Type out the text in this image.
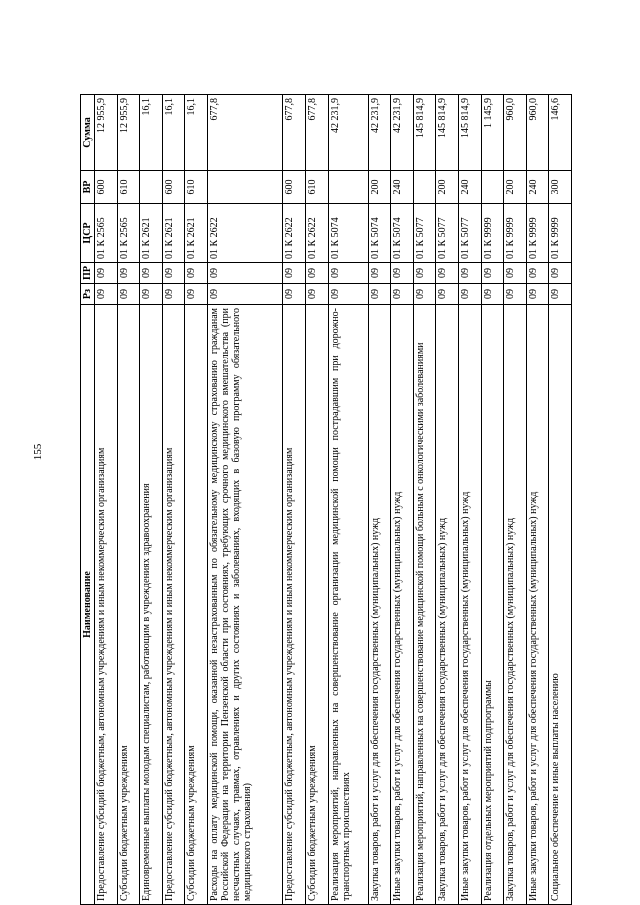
155
Наименование	Рз	ПР	ЦСР	ВР	Сумма
Предоставление субсидий бюджетным, автономным учреждениям и иным некоммерческим организациям	09	09	01 К 2565	600	12 955,9
Субсидии бюджетным учреждениям	09	09	01 К 2565	610	12 955,9
Единовременные выплаты молодым специалистам, работающим в учреждениях здравоохранения	09	09	01 К 2621		16,1
Предоставление субсидий бюджетным, автономным учреждениям и иным некоммерческим организациям	09	09	01 К 2621	600	16,1
Субсидии бюджетным учреждениям	09	09	01 К 2621	610	16,1
Расходы на оплату медицинской помощи, оказанной незастрахованным по обязательному медицинскому страхованию гражданам Российской Федерации на территории Пензенской области при состояниях, требующих срочного медицинского вмешательства (при несчастных случаях, травмах, отравлениях и других состояниях и заболеваниях, входящих в базовую программу обязательного медицинского страхования)	09	09	01 К 2622		677,8
Предоставление субсидий бюджетным, автономным учреждениям и иным некоммерческим организациям	09	09	01 К 2622	600	677,8
Субсидии бюджетным учреждениям	09	09	01 К 2622	610	677,8
Реализация мероприятий, направленных на совершенствование организации медицинской помощи пострадавшим при дорожно-транспортных происшествиях	09	09	01 К 5074		42 231,9
Закупка товаров, работ и услуг для обеспечения государственных (муниципальных) нужд	09	09	01 К 5074	200	42 231,9
Иные закупки товаров, работ и услуг для обеспечения государственных (муниципальных) нужд	09	09	01 К 5074	240	42 231,9
Реализация мероприятий, направленных на совершенствование медицинской помощи больным с онкологическими заболеваниями	09	09	01 К 5077		145 814,9
Закупка товаров, работ и услуг для обеспечения государственных (муниципальных) нужд	09	09	01 К 5077	200	145 814,9
Иные закупки товаров, работ и услуг для обеспечения государственных (муниципальных) нужд	09	09	01 К 5077	240	145 814,9
Реализация отдельных мероприятий подпрограммы	09	09	01 К 9999		1 145,9
Закупка товаров, работ и услуг для обеспечения государственных (муниципальных) нужд	09	09	01 К 9999	200	960,0
Иные закупки товаров, работ и услуг для обеспечения государственных (муниципальных) нужд	09	09	01 К 9999	240	960,0
Социальное обеспечение и иные выплаты населению	09	09	01 К 9999	300	146,6
